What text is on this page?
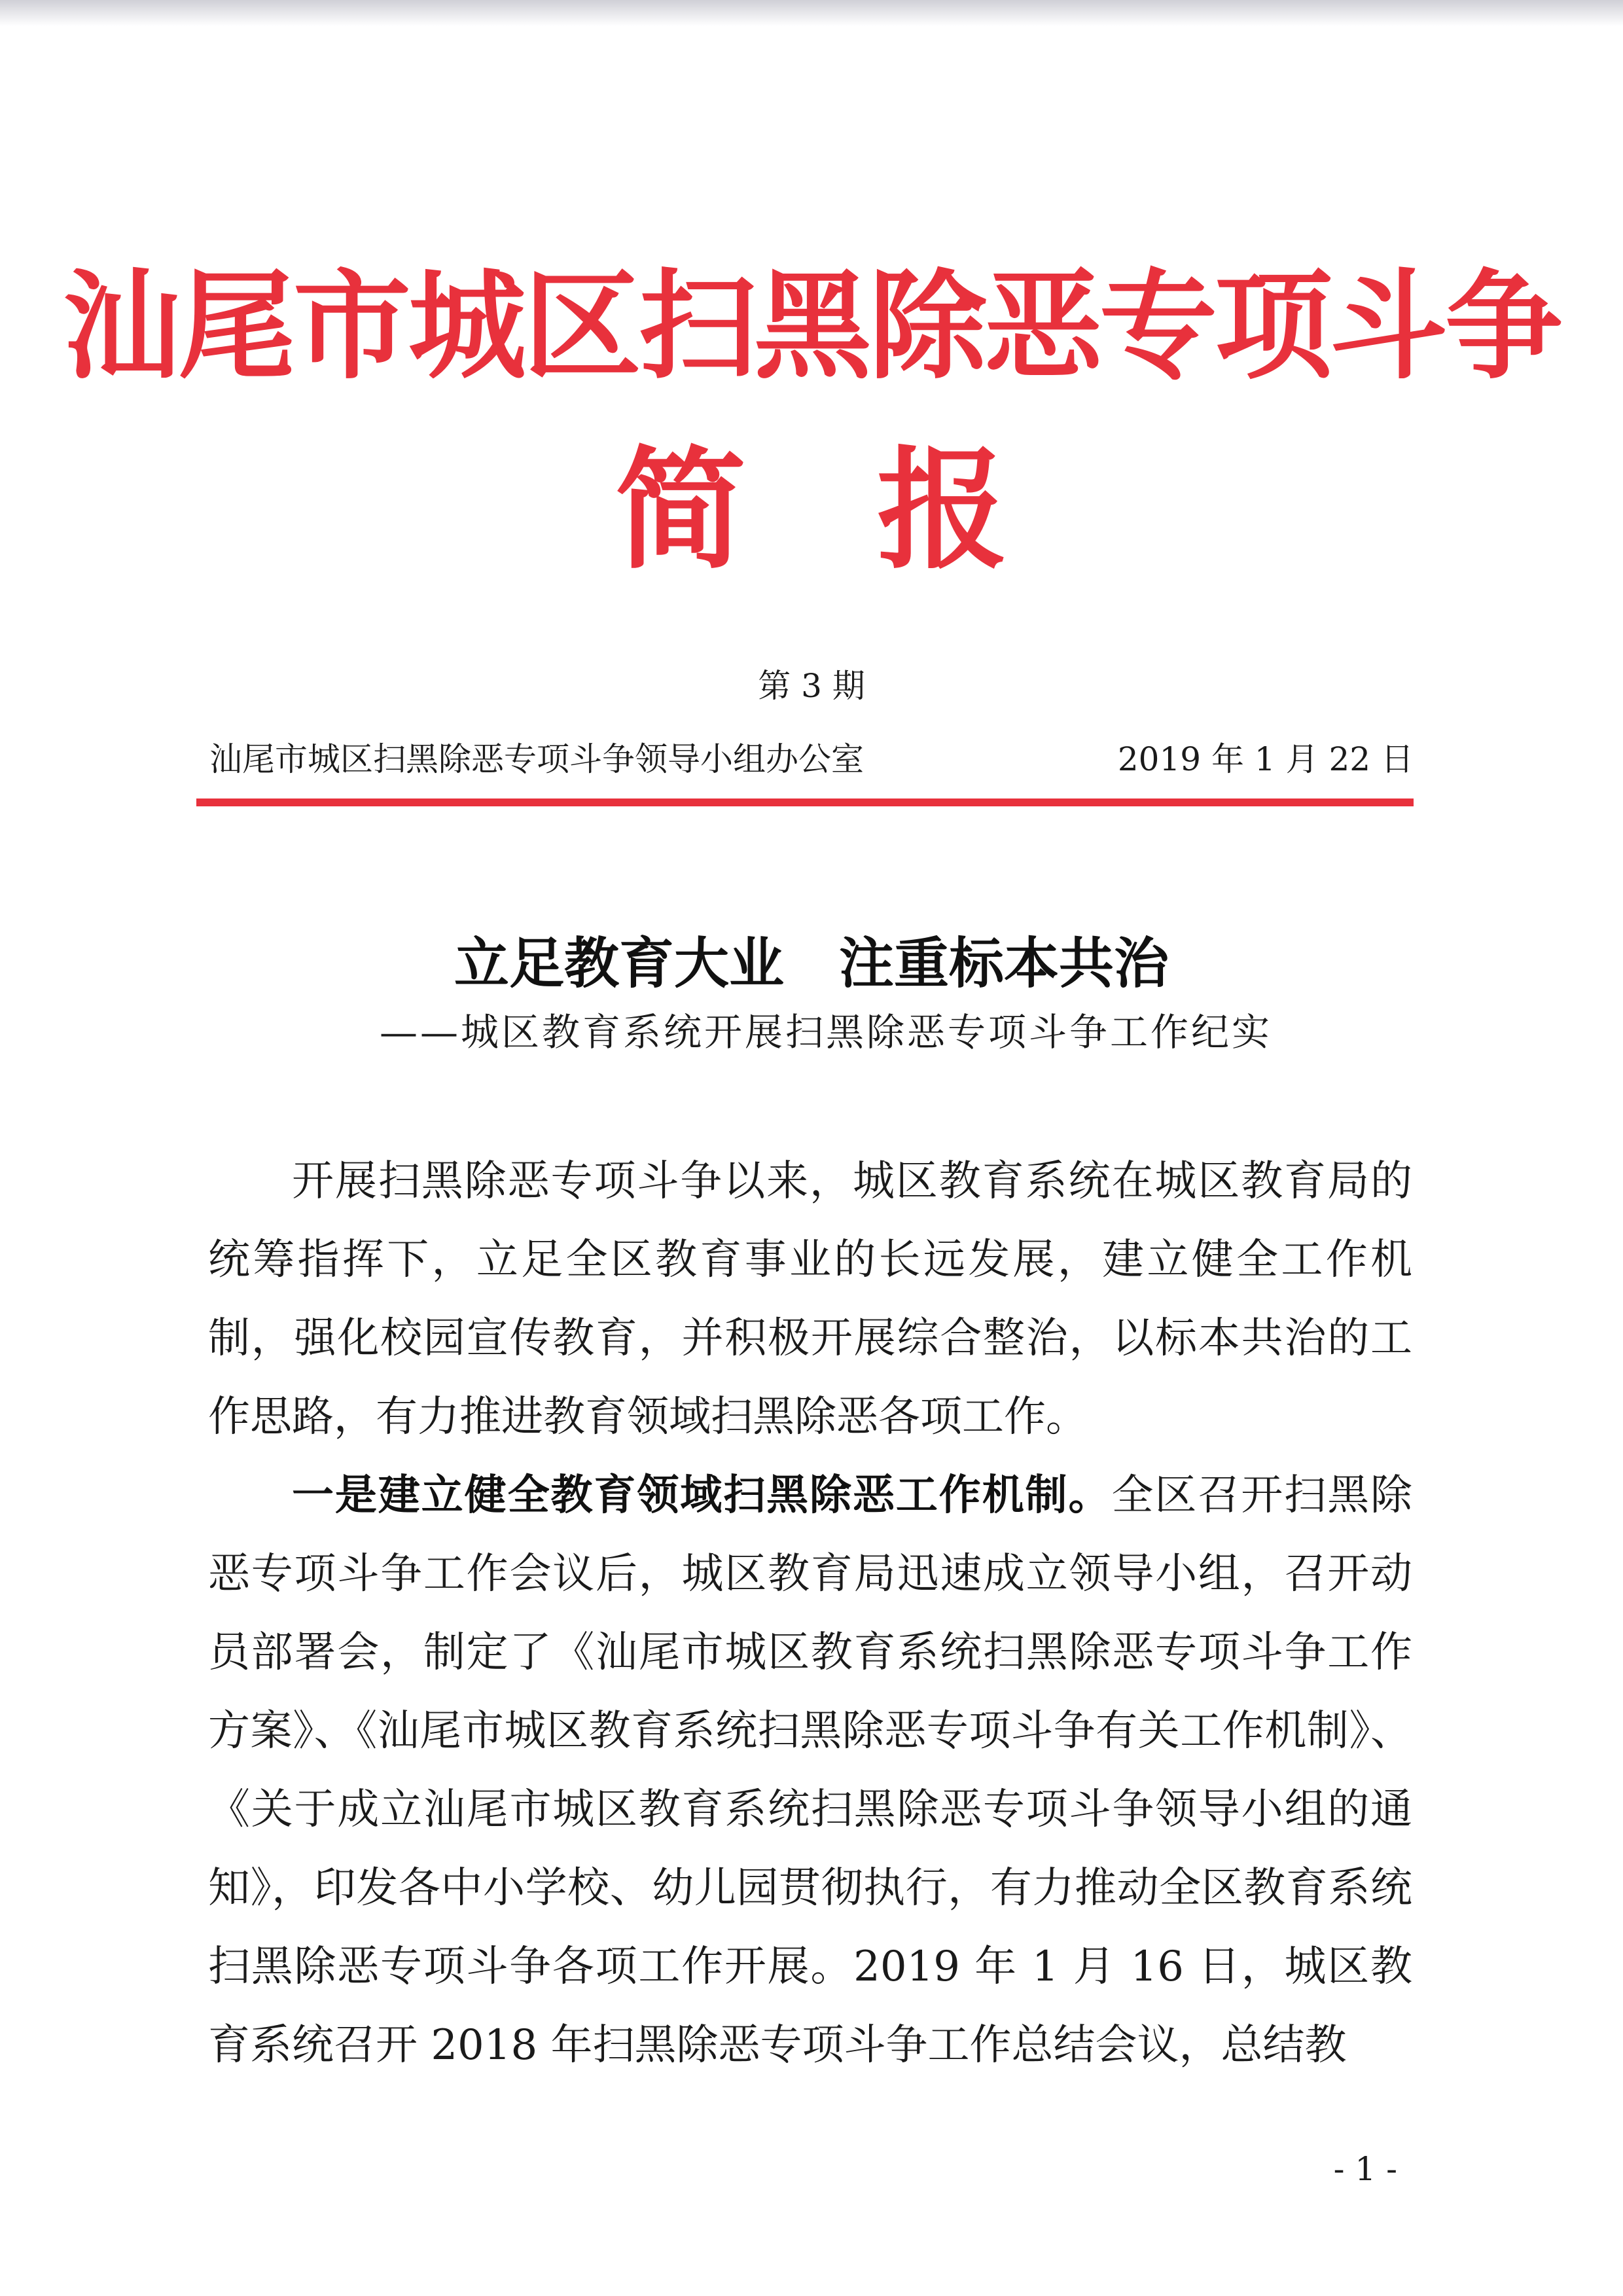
汕尾市城区扫黑除恶专项斗争
简报
第 3 期
汕尾市城区扫黑除恶专项斗争领导小组办公室	2019 年 1 月 22 日
立足教育大业　注重标本共治
——城区教育系统开展扫黑除恶专项斗争工作纪实

开展扫黑除恶专项斗争以来，城区教育系统在城区教育局的统筹指挥下，立足全区教育事业的长远发展，建立健全工作机制，强化校园宣传教育，并积极开展综合整治，以标本共治的工作思路，有力推进教育领域扫黑除恶各项工作。

一是建立健全教育领域扫黑除恶工作机制。全区召开扫黑除恶专项斗争工作会议后，城区教育局迅速成立领导小组，召开动员部署会，制定了《汕尾市城区教育系统扫黑除恶专项斗争工作方案》、《汕尾市城区教育系统扫黑除恶专项斗争有关工作机制》、《关于成立汕尾市城区教育系统扫黑除恶专项斗争领导小组的通知》，印发各中小学校、幼儿园贯彻执行，有力推动全区教育系统扫黑除恶专项斗争各项工作开展。2019 年 1 月 16 日，城区教育系统召开 2018 年扫黑除恶专项斗争工作总结会议，总结教

- 1 -
